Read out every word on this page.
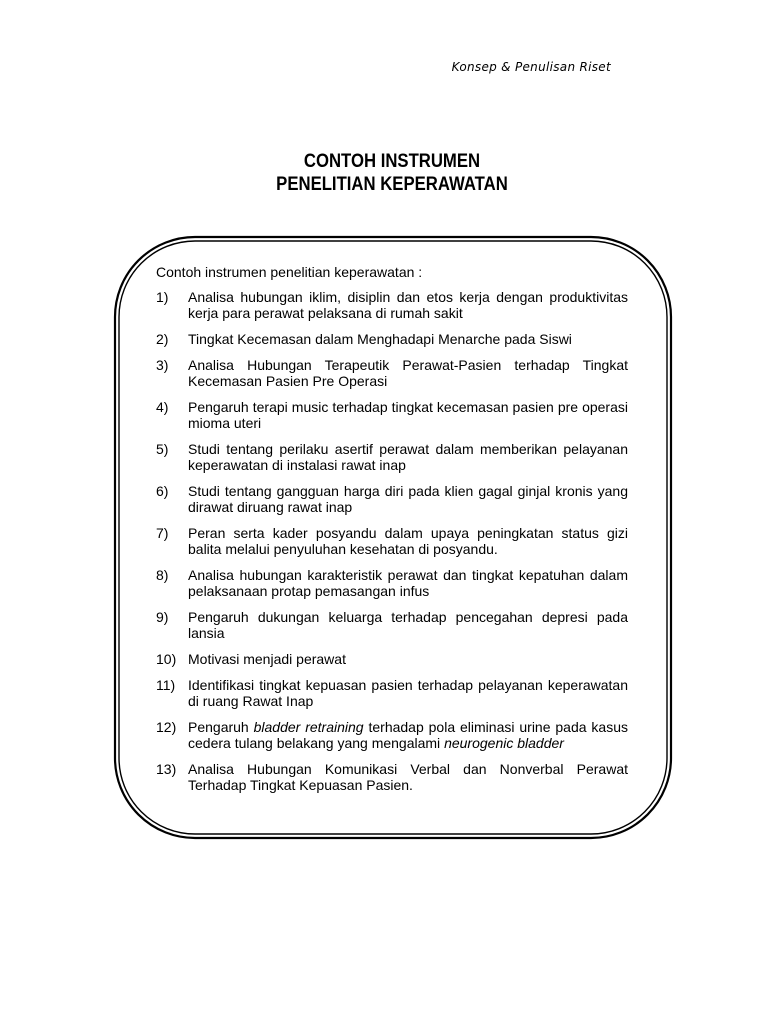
Konsep & Penulisan Riset
CONTOH INSTRUMEN
PENELITIAN KEPERAWATAN
Contoh instrumen penelitian keperawatan :
1) Analisa hubungan iklim, disiplin dan etos kerja dengan produktivitas kerja para perawat pelaksana di rumah sakit
2) Tingkat Kecemasan dalam Menghadapi Menarche pada Siswi
3) Analisa Hubungan Terapeutik Perawat-Pasien terhadap Tingkat Kecemasan Pasien Pre Operasi
4) Pengaruh terapi music terhadap tingkat kecemasan pasien pre operasi mioma uteri
5) Studi tentang perilaku asertif perawat dalam memberikan pelayanan keperawatan di instalasi rawat inap
6) Studi tentang gangguan harga diri pada klien gagal ginjal kronis yang dirawat diruang rawat inap
7) Peran serta kader posyandu dalam upaya peningkatan status gizi balita melalui penyuluhan kesehatan di posyandu.
8) Analisa hubungan karakteristik perawat dan tingkat kepatuhan dalam pelaksanaan protap pemasangan infus
9) Pengaruh dukungan keluarga terhadap pencegahan depresi pada lansia
10) Motivasi menjadi perawat
11) Identifikasi tingkat kepuasan pasien terhadap pelayanan keperawatan di ruang Rawat Inap
12) Pengaruh bladder retraining terhadap pola eliminasi urine pada kasus cedera tulang belakang yang mengalami neurogenic bladder
13) Analisa Hubungan Komunikasi Verbal dan Nonverbal Perawat Terhadap Tingkat Kepuasan Pasien.
